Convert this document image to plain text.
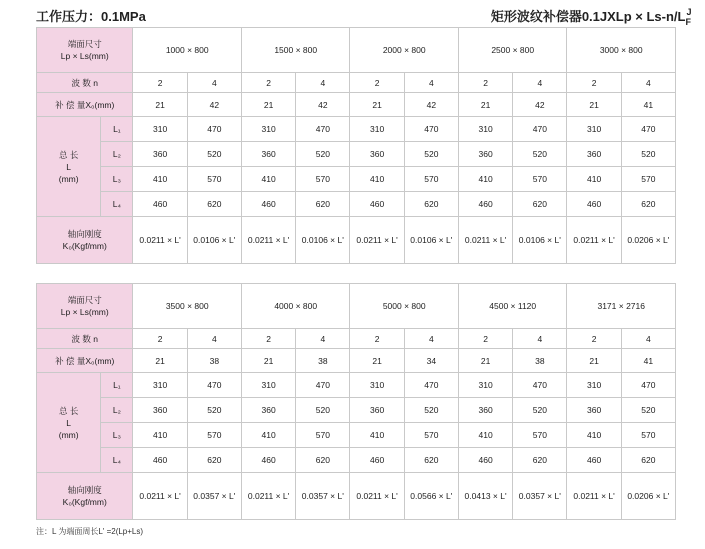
工作压力：0.1MPa	矩形波纹补偿器0.1JXLp × $Ls-n/L^J_F$
端面尺寸
Lp × Ls(mm)		1000 × 800		1500 × 800		2000 × 800		2500 × 800		3000 × 800	
波 数 n		2	4	2	4	2	4	2	4	2	4
补 偿 量X₀(mm)		21	42	21	42	21	42	21	42	21	41

总 长
L
(mm)	L₁	310	470	310	470	310	470	310	470	310	470
	L₂	360	520	360	520	360	520	360	520	360	520
	L₃	410	570	410	570	410	570	410	570	410	570
	L₄	460	620	460	620	460	620	460	620	460	620

轴向刚度
K₀(Kgf/mm)		0.0211 × L'	0.0106 × L'	0.0211 × L'	0.0106 × L'	0.0211 × L'	0.0106 × L'	0.0211 × L'	0.0106 × L'	0.0211 × L'	0.0206 × L'
端面尺寸
Lp × Ls(mm)		3500 × 800		4000 × 800		5000 × 800		4500 × 1120		3171 × 2716	
波 数 n		2	4	2	4	2	4	2	4	2	4
补 偿 量X₀(mm)		21	38	21	38	21	34	21	38	21	41

总 长
L
(mm)	L₁	310	470	310	470	310	470	310	470	310	470
	L₂	360	520	360	520	360	520	360	520	360	520
	L₃	410	570	410	570	410	570	410	570	410	570
	L₄	460	620	460	620	460	620	460	620	460	620

轴向刚度
K₀(Kgf/mm)		0.0211 × L'	0.0357 × L'	0.0211 × L'	0.0357 × L'	0.0211 × L'	0.0566 × L'	0.0413 × L'	0.0357 × L'	0.0211 × L'	0.0206 × L'
注：L 为端面周长L' =2(Lp+Ls)
